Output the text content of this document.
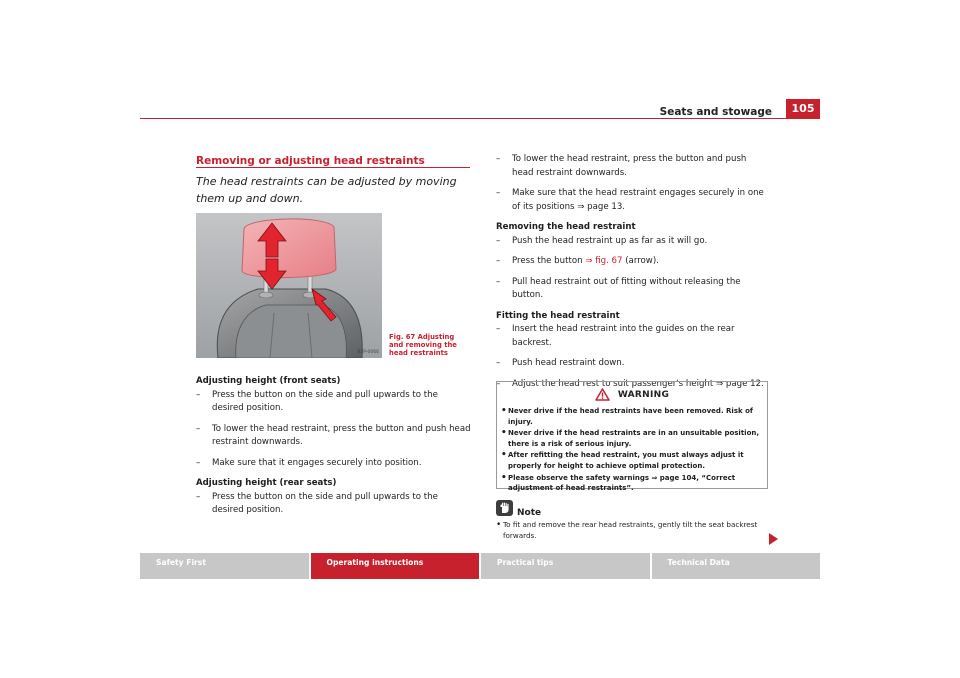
Seats and stowage	105
Removing or adjusting head restraints
The head restraints can be adjusted by moving them up and down.
B5P-0066
Fig. 67 Adjusting and removing the head restraints
Adjusting height (front seats)
– Press the button on the side and pull upwards to the desired position.
– To lower the head restraint, press the button and push head restraint downwards.
– Make sure that it engages securely into position.
Adjusting height (rear seats)
– Press the button on the side and pull upwards to the desired position.
– To lower the head restraint, press the button and push head restraint downwards.
– Make sure that the head restraint engages securely in one of its positions ⇒ page 13.
Removing the head restraint
– Push the head restraint up as far as it will go.
– Press the button ⇒ fig. 67 (arrow).
– Pull head restraint out of fitting without releasing the button.
Fitting the head restraint
– Insert the head restraint into the guides on the rear backrest.
– Push head restraint down.
– Adjust the head rest to suit passenger's height ⇒ page 12.
WARNING
• Never drive if the head restraints have been removed. Risk of injury.
• Never drive if the head restraints are in an unsuitable position, there is a risk of serious injury.
• After refitting the head restraint, you must always adjust it properly for height to achieve optimal protection.
• Please observe the safety warnings ⇒ page 104, “Correct adjustment of head restraints”.
Note
• To fit and remove the rear head restraints, gently tilt the seat backrest forwards.
Safety First	Operating instructions	Practical tips	Technical Data
